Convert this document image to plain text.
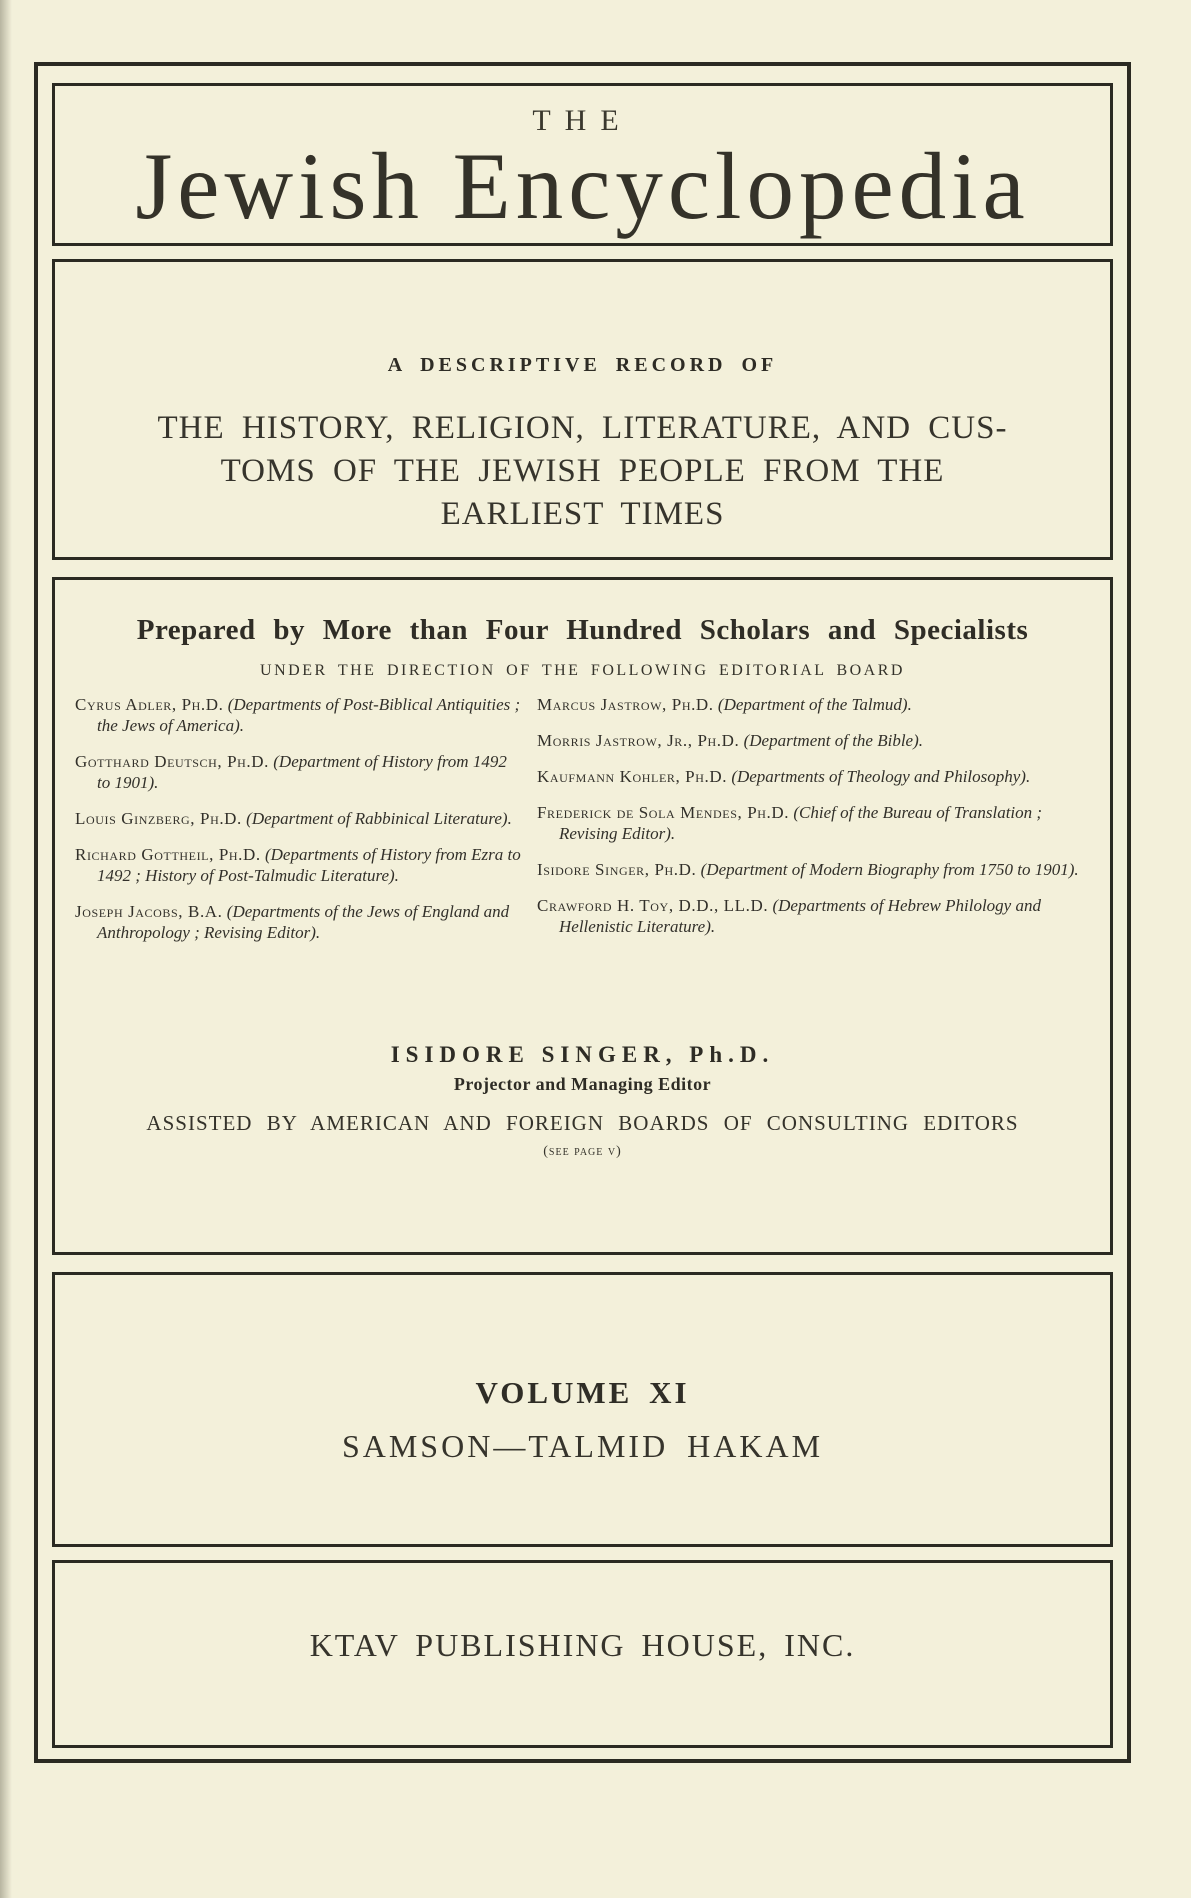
THE
Jewish Encyclopedia
A DESCRIPTIVE RECORD OF
THE HISTORY, RELIGION, LITERATURE, AND CUS-
TOMS OF THE JEWISH PEOPLE FROM THE
EARLIEST TIMES
Prepared by More than Four Hundred Scholars and Specialists
UNDER THE DIRECTION OF THE FOLLOWING EDITORIAL BOARD
Cyrus Adler, Ph.D. (Departments of Post-Biblical Antiquities ; the Jews of America).
Gotthard Deutsch, Ph.D. (Department of History from 1492 to 1901).
Louis Ginzberg, Ph.D. (Department of Rabbinical Literature).
Richard Gottheil, Ph.D. (Departments of History from Ezra to 1492 ; History of Post-Talmudic Literature).
Joseph Jacobs, B.A. (Departments of the Jews of England and Anthropology ; Revising Editor).
Marcus Jastrow, Ph.D. (Department of the Talmud).
Morris Jastrow, Jr., Ph.D. (Department of the Bible).
Kaufmann Kohler, Ph.D. (Departments of Theology and Philosophy).
Frederick de Sola Mendes, Ph.D. (Chief of the Bureau of Translation ; Revising Editor).
Isidore Singer, Ph.D. (Department of Modern Biography from 1750 to 1901).
Crawford H. Toy, D.D., LL.D. (Departments of Hebrew Philology and Hellenistic Literature).
ISIDORE SINGER, Ph.D.
Projector and Managing Editor
ASSISTED BY AMERICAN AND FOREIGN BOARDS OF CONSULTING EDITORS
(see page v)
VOLUME XI
SAMSON—TALMID HAKAM
KTAV PUBLISHING HOUSE, INC.
